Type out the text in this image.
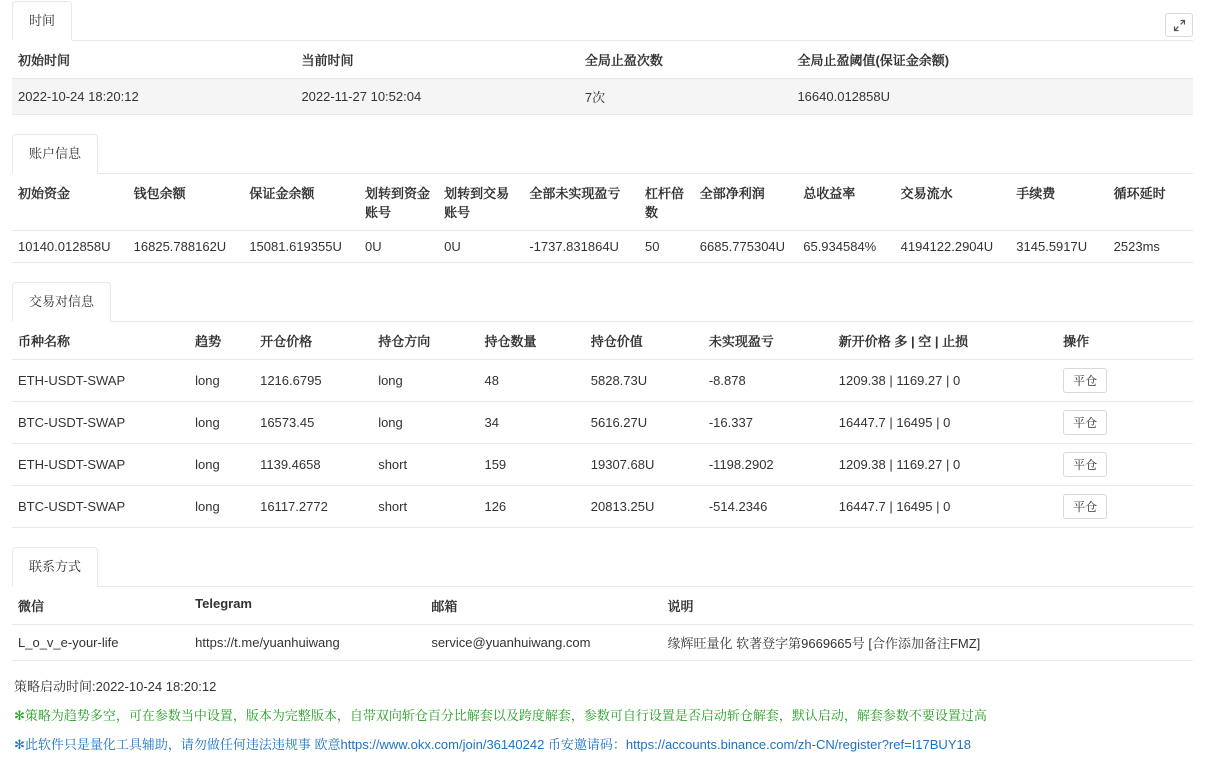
时间
初始时间	当前时间	全局止盈次数	全局止盈阈值(保证金余额)
2022-10-24 18:20:12	2022-11-27 10:52:04	7次	16640.012858U
账户信息
初始资金	钱包余额	保证金余额	划转到资金账号	划转到交易账号	全部未实现盈亏	杠杆倍数	全部净利润	总收益率	交易流水	手续费	循环延时
10140.012858U	16825.788162U	15081.619355U	0U	0U	-1737.831864U	50	6685.775304U	65.934584%	4194122.2904U	3145.5917U	2523ms
交易对信息
币种名称	趋势	开仓价格	持仓方向	持仓数量	持仓价值	未实现盈亏	新开价格 多 | 空 | 止损	操作
ETH-USDT-SWAP	long	1216.6795	long	48	5828.73U	-8.878	1209.38 | 1169.27 | 0	平仓
BTC-USDT-SWAP	long	16573.45	long	34	5616.27U	-16.337	16447.7 | 16495 | 0	平仓
ETH-USDT-SWAP	long	1139.4658	short	159	19307.68U	-1198.2902	1209.38 | 1169.27 | 0	平仓
BTC-USDT-SWAP	long	16117.2772	short	126	20813.25U	-514.2346	16447.7 | 16495 | 0	平仓
联系方式
微信	Telegram	邮箱	说明
L_o_v_e-your-life	https://t.me/yuanhuiwang	service@yuanhuiwang.com	缘辉旺量化 软著登字第9669665号 [合作添加备注FMZ]
策略启动时间:2022-10-24 18:20:12
✻策略为趋势多空，可在参数当中设置，版本为完整版本，自带双向斩仓百分比解套以及跨度解套，参数可自行设置是否启动斩仓解套，默认启动，解套参数不要设置过高
✻此软件只是量化工具辅助，请勿做任何违法违规事 欧意https://www.okx.com/join/36140242 币安邀请码：https://accounts.binance.com/zh-CN/register?ref=I17BUY18
